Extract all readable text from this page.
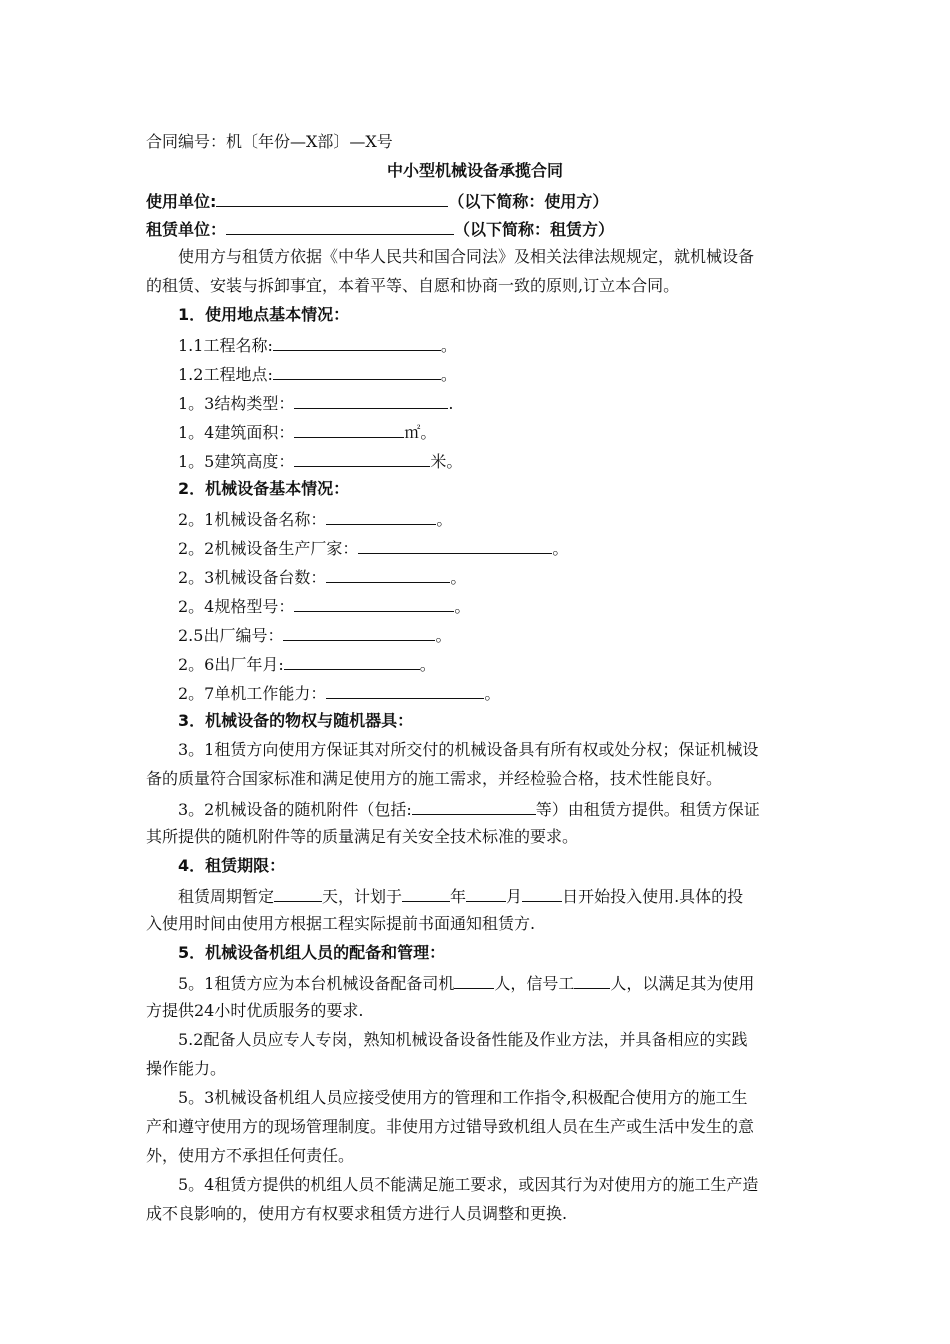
合同编号：机〔年份—X部〕—X号
中小型机械设备承揽合同
使用单位:	（以下简称：使用方）
租赁单位：	（以下简称：租赁方）
使用方与租赁方依据《中华人民共和国合同法》及相关法律法规规定，就机械设备
的租赁、安装与拆卸事宜，本着平等、自愿和协商一致的原则,订立本合同。
1．使用地点基本情况：
1.1工程名称:	。
1.2工程地点:	。
1。3结构类型：	.
1。4建筑面积：	㎡。
1。5建筑高度：	米。
2．机械设备基本情况：
2。1机械设备名称：	。
2。2机械设备生产厂家：	。
2。3机械设备台数：	。
2。4规格型号：	。
2.5出厂编号：	。
2。6出厂年月:	。
2。7单机工作能力：	。
3．机械设备的物权与随机器具：
3。1租赁方向使用方保证其对所交付的机械设备具有所有权或处分权；保证机械设
备的质量符合国家标准和满足使用方的施工需求，并经检验合格，技术性能良好。
3。2机械设备的随机附件（包括:	等）由租赁方提供。租赁方保证
其所提供的随机附件等的质量满足有关安全技术标准的要求。
4．租赁期限：
租赁周期暂定	天，计划于	年	月	日开始投入使用.具体的投
入使用时间由使用方根据工程实际提前书面通知租赁方.
5．机械设备机组人员的配备和管理：
5。1租赁方应为本台机械设备配备司机	人，信号工 人，以满足其为使用
方提供24小时优质服务的要求.
5.2配备人员应专人专岗，熟知机械设备设备性能及作业方法，并具备相应的实践
操作能力。
5。3机械设备机组人员应接受使用方的管理和工作指令,积极配合使用方的施工生
产和遵守使用方的现场管理制度。非使用方过错导致机组人员在生产或生活中发生的意
外，使用方不承担任何责任。
5。4租赁方提供的机组人员不能满足施工要求，或因其行为对使用方的施工生产造
成不良影响的，使用方有权要求租赁方进行人员调整和更换.
